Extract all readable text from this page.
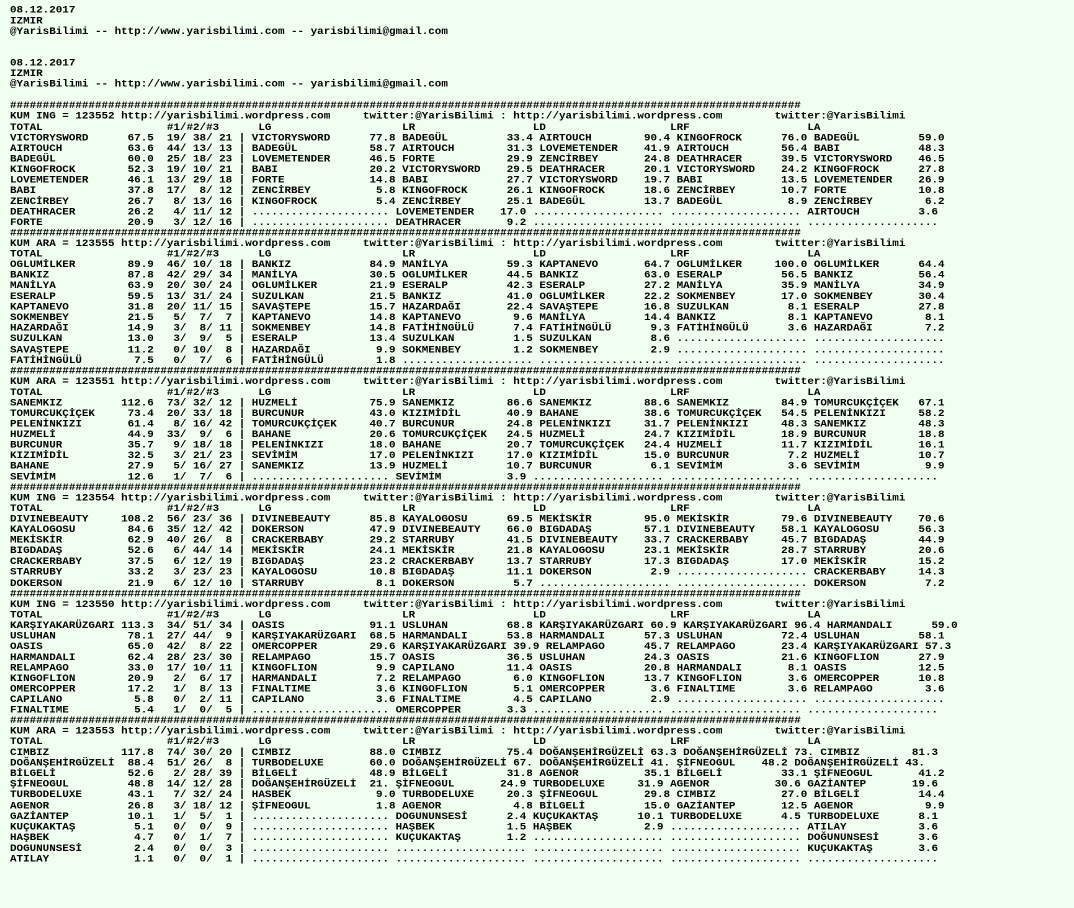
08.12.2017
IZMIR
@YarisBilimi -- http://www.yarisbilimi.com -- yarisbilimi@gmail.com

08.12.2017
IZMIR
@YarisBilimi -- http://www.yarisbilimi.com -- yarisbilimi@gmail.com

#########################################################################################################################
KUM ING = 123552 http://yarisbilimi.wordpress.com     twitter:@YarisBilimi : http://yarisbilimi.wordpress.com        twitter:@YarisBilimi
TOTAL                   #1/#2/#3      LG                    LR                  LD                   LRF                  LA
VICTORYSWORD      67.5  19/ 38/ 21 | VICTORYSWORD      77.8 BADEGÜL         33.4 AIRTOUCH        90.4 KINGOFROCK      76.0 BADEGÜL         59.0
AIRTOUCH          63.6  44/ 13/ 13 | BADEGÜL           58.7 AIRTOUCH        31.3 LOVEMETENDER    41.9 AIRTOUCH        56.4 BABI            48.3
BADEGÜL           60.0  25/ 18/ 23 | LOVEMETENDER      46.5 FORTE           29.9 ZENCİRBEY       24.8 DEATHRACER      39.5 VICTORYSWORD    46.5
KINGOFROCK        52.3  19/ 10/ 21 | BABI              20.2 VICTORYSWORD    29.5 DEATHRACER      20.1 VICTORYSWORD    24.2 KINGOFROCK      27.8
LOVEMETENDER      46.1  13/ 29/ 18 | FORTE             14.8 BABI            27.7 VICTORYSWORD    19.7 BABI            13.5 LOVEMETENDER    26.9
BABI              37.8  17/  8/ 12 | ZENCİRBEY          5.8 KINGOFROCK      26.1 KINGOFROCK      18.6 ZENCİRBEY       10.7 FORTE           10.8
ZENCİRBEY         26.7   8/ 13/ 16 | KINGOFROCK         5.4 ZENCİRBEY       25.1 BADEGÜL         13.7 BADEGÜL          8.9 ZENCİRBEY        6.2
DEATHRACER        26.2   4/ 11/ 12 | ..................... LOVEMETENDER    17.0 .................... .................... AIRTOUCH         3.6
FORTE             20.9   3/ 12/ 16 | ..................... DEATHRACER       9.2 .................... .................... ....................
#########################################################################################################################
KUM ARA = 123555 http://yarisbilimi.wordpress.com     twitter:@YarisBilimi : http://yarisbilimi.wordpress.com        twitter:@YarisBilimi
TOTAL                   #1/#2/#3      LG                    LR                  LD                   LRF                  LA
OGLUMİLKER        89.9  46/ 10/ 18 | BANKIZ            84.9 MANİLYA         59.3 KAPTANEVO       64.7 OGLUMİLKER     100.0 OGLUMİLKER      64.4
BANKIZ            87.8  42/ 29/ 34 | MANİLYA           30.5 OGLUMİLKER      44.5 BANKIZ          63.0 ESERALP         56.5 BANKIZ          56.4
MANİLYA           63.9  20/ 30/ 24 | OGLUMİLKER        21.9 ESERALP         42.3 ESERALP         27.2 MANİLYA         35.9 MANİLYA         34.9
ESERALP           59.5  13/ 31/ 24 | SUZULKAN          21.5 BANKIZ          41.0 OGLUMİLKER      22.2 SOKMENBEY       17.0 SOKMENBEY       30.4
KAPTANEVO         31.8  20/ 11/ 15 | SAVAŞTEPE         15.7 HAZARDAĞI       22.4 SAVAŞTEPE       16.8 SUZULKAN         8.1 ESERALP         27.8
SOKMENBEY         21.5   5/  7/  7 | KAPTANEVO         14.8 KAPTANEVO        9.6 MANİLYA         14.4 BANKIZ           8.1 KAPTANEVO        8.1
HAZARDAĞI         14.9   3/  8/ 11 | SOKMENBEY         14.8 FATİHİNGÜLÜ      7.4 FATİHİNGÜLÜ      9.3 FATİHİNGÜLÜ      3.6 HAZARDAĞI        7.2
SUZULKAN          13.0   3/  9/  5 | ESERALP           13.4 SUZULKAN         1.5 SUZULKAN         8.6 .................... ....................
SAVAŞTEPE         11.2   0/ 10/  8 | HAZARDAĞI          9.9 SOKMENBEY        1.2 SOKMENBEY        2.9 .................... ....................
FATİHİNGÜLÜ        7.5   0/  7/  6 | FATİHİNGÜLÜ        1.8 .................... .................... .................... ....................
#########################################################################################################################
KUM ARA = 123551 http://yarisbilimi.wordpress.com     twitter:@YarisBilimi : http://yarisbilimi.wordpress.com        twitter:@YarisBilimi
TOTAL                   #1/#2/#3      LG                    LR                  LD                   LRF                  LA
SANEMKIZ         112.6  73/ 32/ 12 | HUZMELİ           75.9 SANEMKIZ        86.6 SANEMKIZ        88.6 SANEMKIZ        84.9 TOMURCUKÇİÇEK   67.1
TOMURCUKÇİÇEK     73.4  20/ 33/ 18 | BURCUNUR          43.0 KIZIMİDİL       40.9 BAHANE          38.6 TOMURCUKÇİÇEK   54.5 PELENİNKIZI     58.2
PELENİNKIZI       61.4   8/ 16/ 42 | TOMURCUKÇİÇEK     40.7 BURCUNUR        24.8 PELENİNKIZI     31.7 PELENİNKIZI     48.3 SANEMKIZ        48.3
HUZMELİ           44.9  33/  9/  6 | BAHANE            20.6 TOMURCUKÇİÇEK   24.5 HUZMELİ         24.7 KIZIMİDİL       18.9 BURCUNUR        18.8
BURCUNUR          35.7   9/ 18/ 18 | PELENİNKIZI       18.0 BAHANE          20.7 TOMURCUKÇİÇEK   24.4 HUZMELİ         11.7 KIZIMİDİL       16.1
KIZIMİDİL         32.5   3/ 21/ 23 | SEVİMİM           17.0 PELENİNKIZI     17.0 KIZIMİDİL       15.0 BURCUNUR         7.2 HUZMELİ         10.7
BAHANE            27.9   5/ 16/ 27 | SANEMKIZ          13.9 HUZMELİ         10.7 BURCUNUR         6.1 SEVİMİM          3.6 SEVİMİM          9.9
SEVİMİM           12.6   1/  7/  6 | ..................... SEVİMİM          3.9 .................... .................... ....................
#########################################################################################################################
KUM ING = 123554 http://yarisbilimi.wordpress.com     twitter:@YarisBilimi : http://yarisbilimi.wordpress.com        twitter:@YarisBilimi
TOTAL                   #1/#2/#3      LG                    LR                  LD                   LRF                  LA
DIVINEBEAUTY     108.2  56/ 23/ 36 | DIVINEBEAUTY      85.8 KAYALOGOSU      69.5 MEKİSKİR        95.0 MEKİSKİR        79.6 DIVINEBEAUTY    70.6
KAYALOGOSU        84.6  35/ 12/ 42 | DOKERSON          47.9 DIVINEBEAUTY    66.0 BIGDADAŞ        57.1 DIVINEBEAUTY    58.1 KAYALOGOSU      56.3
MEKİSKİR          62.9  40/ 26/  8 | CRACKERBABY       29.2 STARRUBY        41.5 DIVINEBEAUTY    33.7 CRACKERBABY     45.7 BIGDADAŞ        44.9
BIGDADAŞ          52.6   6/ 44/ 14 | MEKİSKİR          24.1 MEKİSKİR        21.8 KAYALOGOSU      23.1 MEKİSKİR        28.7 STARRUBY        20.6
CRACKERBABY       37.5   6/ 12/ 19 | BIGDADAŞ          23.2 CRACKERBABY     13.7 STARRUBY        17.3 BIGDADAŞ        17.0 MEKİSKİR        15.2
STARRUBY          33.2   3/ 23/ 23 | KAYALOGOSU        10.8 BIGDADAŞ        11.1 DOKERSON         2.9 .................... CRACKERBABY     14.3
DOKERSON          21.9   6/ 12/ 10 | STARRUBY           8.1 DOKERSON         5.7 .................... .................... DOKERSON         7.2
#########################################################################################################################
KUM ING = 123550 http://yarisbilimi.wordpress.com     twitter:@YarisBilimi : http://yarisbilimi.wordpress.com        twitter:@YarisBilimi
TOTAL                   #1/#2/#3      LG                    LR                  LD                   LRF                  LA
KARŞIYAKARÜZGARI 113.3  34/ 51/ 34 | OASIS             91.1 USLUHAN         68.8 KARŞIYAKARÜZGARI 60.9 KARŞIYAKARÜZGARI 96.4 HARMANDALI      59.0
USLUHAN           78.1  27/ 44/  9 | KARŞIYAKARÜZGARI  68.5 HARMANDALI      53.8 HARMANDALI      57.3 USLUHAN         72.4 USLUHAN         58.1
OASIS             65.0  42/  8/ 22 | OMERCOPPER        29.6 KARŞIYAKARÜZGARI 39.9 RELAMPAGO      45.7 RELAMPAGO       23.4 KARŞIYAKARÜZGARI 57.3
HARMANDALI        62.4  28/ 23/ 30 | RELAMPAGO         15.7 OASIS           36.5 USLUHAN         24.3 OASIS           21.6 KINGOFLION      27.9
RELAMPAGO         33.0  17/ 10/ 11 | KINGOFLION         9.9 CAPILANO        11.4 OASIS           20.8 HARMANDALI       8.1 OASIS           12.5
KINGOFLION        20.9   2/  6/ 17 | HARMANDALI         7.2 RELAMPAGO        6.0 KINGOFLION      13.7 KINGOFLION       3.6 OMERCOPPER      10.8
OMERCOPPER        17.2   1/  8/ 13 | FINALTIME          3.6 KINGOFLION       5.1 OMERCOPPER       3.6 FINALTIME        3.6 RELAMPAGO        3.6
CAPILANO           5.8   0/  2/ 11 | CAPILANO           3.6 FINALTIME        4.5 CAPILANO         2.9 .................... ....................
FINALTIME          5.4   1/  0/  5 | ..................... OMERCOPPER       3.3 .................... .................... ....................
#########################################################################################################################
KUM ARA = 123553 http://yarisbilimi.wordpress.com     twitter:@YarisBilimi : http://yarisbilimi.wordpress.com        twitter:@YarisBilimi
TOTAL                   #1/#2/#3      LG                    LR                  LD                   LRF                  LA
CIMBIZ           117.8  74/ 30/ 20 | CIMBIZ            88.0 CIMBIZ          75.4 DOĞANŞEHİRGÜZELİ 63.3 DOĞANŞEHİRGÜZELİ 73. CIMBIZ        81.3
DOĞANŞEHİRGÜZELİ  88.4  51/ 26/  8 | TURBODELUXE       60.0 DOĞANŞEHİRGÜZELİ 67. DOĞANŞEHİRGÜZELİ 41. ŞİFNEOGUL    48.2 DOĞANŞEHİRGÜZELİ 43.
BİLGELİ           52.6   2/ 28/ 39 | BİLGELİ           48.9 BİLGELİ         31.8 AGENOR          35.1 BİLGELİ         33.1 ŞİFNEOGUL       41.2
ŞİFNEOGUL         48.8  14/ 12/ 28 | DOĞANŞEHİRGÜZELİ  21. ŞİFNEOGUL       24.9 TURBODELUXE     31.9 AGENOR          30.6 GAZİANTEP       19.6
TURBODELUXE       43.1   7/ 32/ 24 | HASBEK             9.0 TURBODELUXE     20.3 ŞİFNEOGUL       29.8 CIMBIZ          27.0 BİLGELİ         14.4
AGENOR            26.8   3/ 18/ 12 | ŞİFNEOGUL          1.8 AGENOR           4.8 BİLGELİ         15.0 GAZİANTEP       12.5 AGENOR           9.9
GAZİANTEP         10.1   1/  5/  1 | ..................... DOGUNUNSESİ      2.4 KUÇUKAKTAŞ      10.1 TURBODELUXE      4.5 TURBODELUXE      8.1
KUÇUKAKTAŞ         5.1   0/  0/  9 | ..................... HAŞBEK           1.5 HAŞBEK           2.9 .................... ATILAY           3.6
HAŞBEK             4.7   0/  1/  7 | ..................... KUÇUKAKTAŞ       1.2 .................... .................... DOĞUNUNSESİ      3.6
DOGUNUNSESİ        2.4   0/  0/  3 | ..................... .................... .................... .................... KUÇUKAKTAŞ       3.6
ATILAY             1.1   0/  0/  1 | ..................... .................... .................... .................... ....................
